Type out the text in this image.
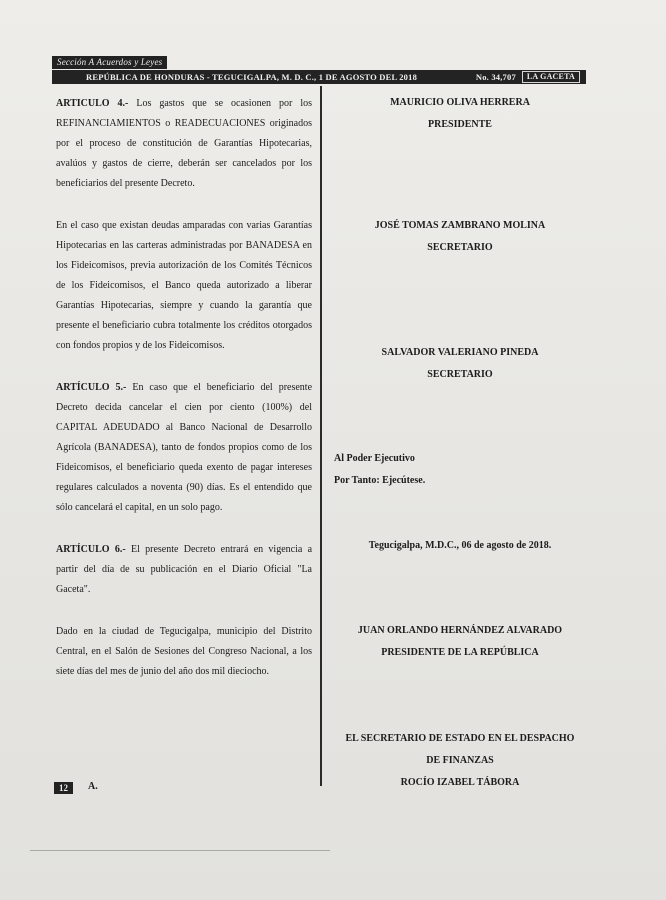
Sección A Acuerdos y Leyes
REPÚBLICA DE HONDURAS - TEGUCIGALPA, M. D. C., 1 DE AGOSTO DEL 2018	No. 34,707	LA GACETA

ARTICULO 4.- Los gastos que se ocasionen por los REFINANCIAMIENTOS o READECUACIONES originados por el proceso de constitución de Garantías Hipotecarias, avalúos y gastos de cierre, deberán ser cancelados por los beneficiarios del presente Decreto.

En el caso que existan deudas amparadas con varias Garantías Hipotecarias en las carteras administradas por BANADESA en los Fideicomisos, previa autorización de los Comités Técnicos de los Fideicomisos, el Banco queda autorizado a liberar Garantías Hipotecarias, siempre y cuando la garantía que presente el beneficiario cubra totalmente los créditos otorgados con fondos propios y de los Fideicomisos.

ARTÍCULO 5.- En caso que el beneficiario del presente Decreto decida cancelar el cien por ciento (100%) del CAPITAL ADEUDADO al Banco Nacional de Desarrollo Agrícola (BANADESA), tanto de fondos propios como de los Fideicomisos, el beneficiario queda exento de pagar intereses regulares calculados a noventa (90) días. Es el entendido que sólo cancelará el capital, en un solo pago.

ARTÍCULO 6.- El presente Decreto entrará en vigencia a partir del día de su publicación en el Diario Oficial "La Gaceta".

Dado en la ciudad de Tegucigalpa, municipio del Distrito Central, en el Salón de Sesiones del Congreso Nacional, a los siete días del mes de junio del año dos mil dieciocho.

MAURICIO OLIVA HERRERA
PRESIDENTE
JOSÉ TOMAS ZAMBRANO MOLINA
SECRETARIO
SALVADOR VALERIANO PINEDA
SECRETARIO
Al Poder Ejecutivo
Por Tanto: Ejecútese.
Tegucigalpa, M.D.C., 06 de agosto de 2018.
JUAN ORLANDO HERNÁNDEZ ALVARADO
PRESIDENTE DE LA REPÚBLICA
EL SECRETARIO DE ESTADO EN EL DESPACHO
DE FINANZAS
ROCÍO IZABEL TÁBORA
12	A.
